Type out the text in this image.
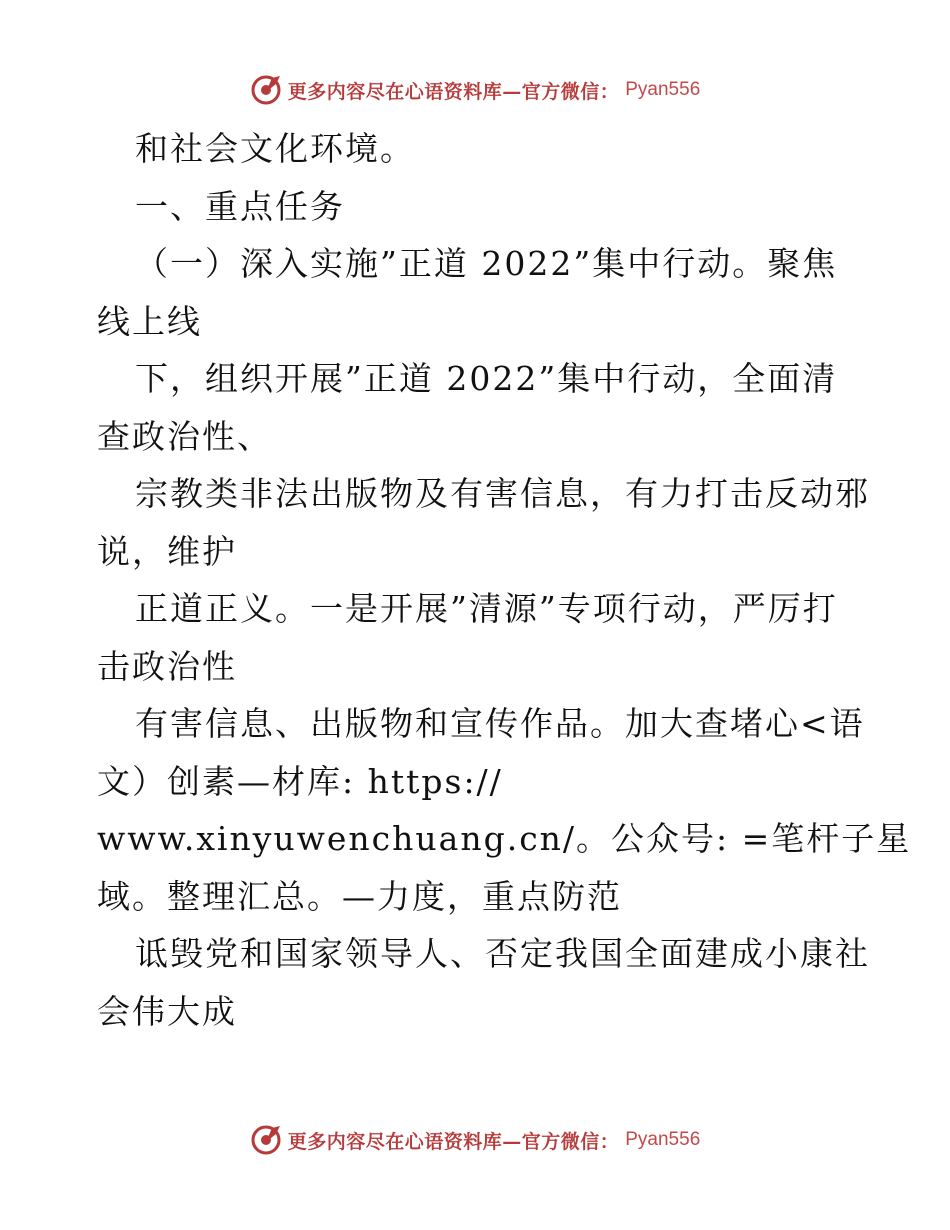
更多内容尽在心语资料库—官方微信： Pyan556
和社会文化环境。
一、重点任务
（一）深入实施”正道 2022”集中行动。聚焦
线上线
下，组织开展”正道 2022”集中行动，全面清
查政治性、
宗教类非法出版物及有害信息，有力打击反动邪
说，维护
正道正义。一是开展”清源”专项行动，严厉打
击政治性
有害信息、出版物和宣传作品。加大查堵心<语
文）创素—材库: https://
www.xinyuwenchuang.cn/。公众号: =笔杆子星
域。整理汇总。—力度，重点防范
诋毁党和国家领导人、否定我国全面建成小康社
会伟大成
更多内容尽在心语资料库—官方微信： Pyan556
